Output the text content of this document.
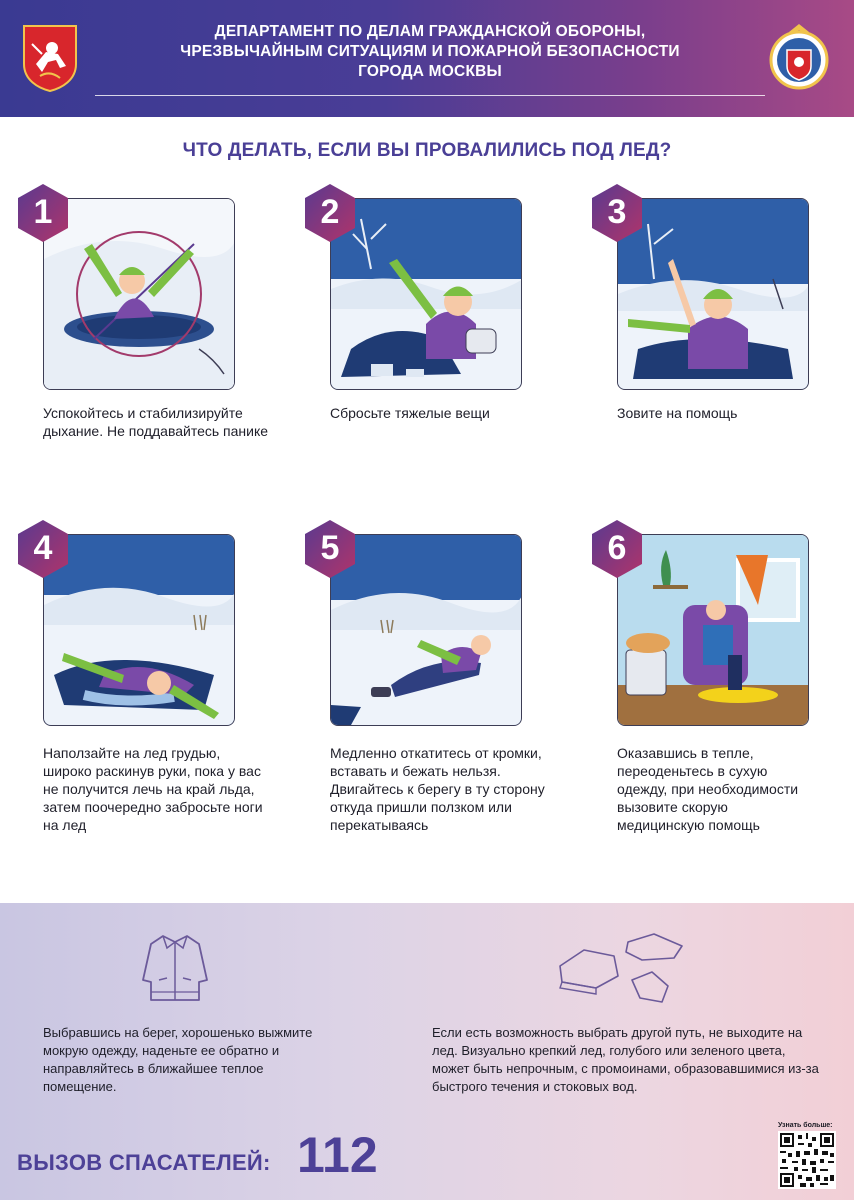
ДЕПАРТАМЕНТ ПО ДЕЛАМ ГРАЖДАНСКОЙ ОБОРОНЫ,
ЧРЕЗВЫЧАЙНЫМ СИТУАЦИЯМ И ПОЖАРНОЙ БЕЗОПАСНОСТИ
ГОРОДА МОСКВЫ
ЧТО ДЕЛАТЬ, ЕСЛИ ВЫ ПРОВАЛИЛИСЬ ПОД ЛЕД?
1
Успокойтесь и стабилизируйте дыхание. Не поддавайтесь панике
2
Сбросьте тяжелые вещи
3
Зовите на помощь
4
Наползайте на лед грудью, широко раскинув руки, пока у вас не получится лечь на край льда, затем поочередно забросьте ноги на лед
5
Медленно откатитесь от кромки, вставать и бежать нельзя. Двигайтесь к берегу в ту сторону откуда пришли ползком или перекатываясь
6
Оказавшись в тепле, переоденьтесь в сухую одежду, при необходимости вызовите скорую медицинскую помощь
Выбравшись на берег, хорошенько выжмите мокрую одежду, наденьте ее обратно и направляйтесь в ближайшее теплое помещение.
Если есть возможность выбрать другой путь, не выходите на лед. Визуально крепкий лед, голубого или зеленого цвета, может быть непрочным, с промоинами, образовавшимися из-за быстрого течения и стоковых вод.
ВЫЗОВ СПАСАТЕЛЕЙ: 112
Узнать больше:
